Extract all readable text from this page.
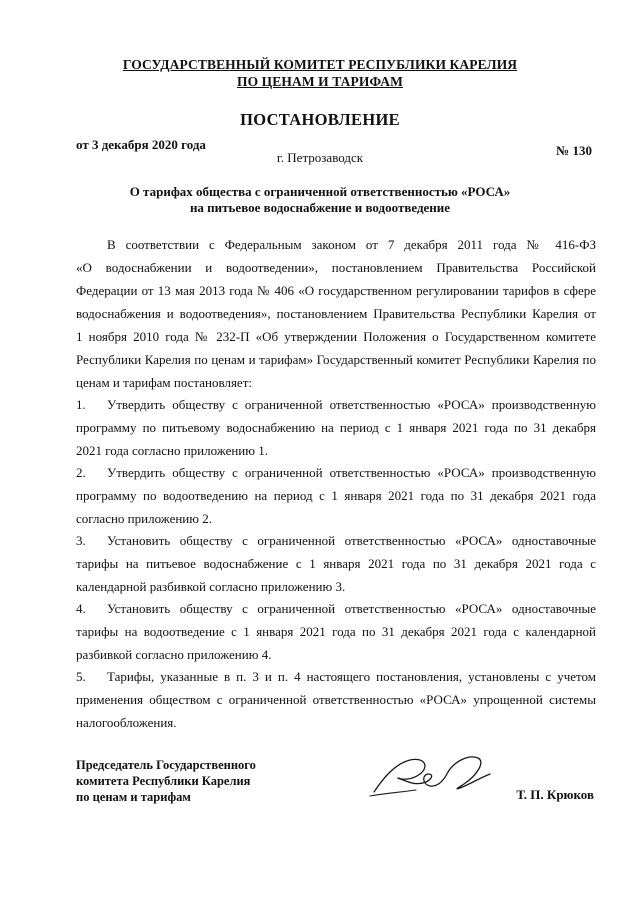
ГОСУДАРСТВЕННЫЙ КОМИТЕТ РЕСПУБЛИКИ КАРЕЛИЯ
ПО ЦЕНАМ И ТАРИФАМ
ПОСТАНОВЛЕНИЕ
от 3 декабря 2020 года	№ 130
г. Петрозаводск
О тарифах общества с ограниченной ответственностью «РОСА»
на питьевое водоснабжение и водоотведение
В соответствии с Федеральным законом от 7 декабря 2011 года № 416-ФЗ
«О водоснабжении и водоотведении», постановлением Правительства Российской
Федерации от 13 мая 2013 года № 406 «О государственном регулировании тарифов в сфере
водоснабжения и водоотведения», постановлением Правительства Республики Карелия от
1 ноября 2010 года № 232-П «Об утверждении Положения о Государственном комитете
Республики Карелия по ценам и тарифам» Государственный комитет Республики Карелия по
ценам и тарифам постановляет:
1. Утвердить обществу с ограниченной ответственностью «РОСА» производственную
программу по питьевому водоснабжению на период с 1 января 2021 года по 31 декабря
2021 года согласно приложению 1.
2. Утвердить обществу с ограниченной ответственностью «РОСА» производственную
программу по водоотведению на период с 1 января 2021 года по 31 декабря 2021 года
согласно приложению 2.
3. Установить обществу с ограниченной ответственностью «РОСА» одноставочные
тарифы на питьевое водоснабжение с 1 января 2021 года по 31 декабря 2021 года с
календарной разбивкой согласно приложению 3.
4. Установить обществу с ограниченной ответственностью «РОСА» одноставочные
тарифы на водоотведение с 1 января 2021 года по 31 декабря 2021 года с календарной
разбивкой согласно приложению 4.
5. Тарифы, указанные в п. 3 и п. 4 настоящего постановления, установлены с учетом
применения обществом с ограниченной ответственностью «РОСА» упрощенной системы
налогообложения.
Председатель Государственного
комитета Республики Карелия
по ценам и тарифам	Т. П. Крюков
